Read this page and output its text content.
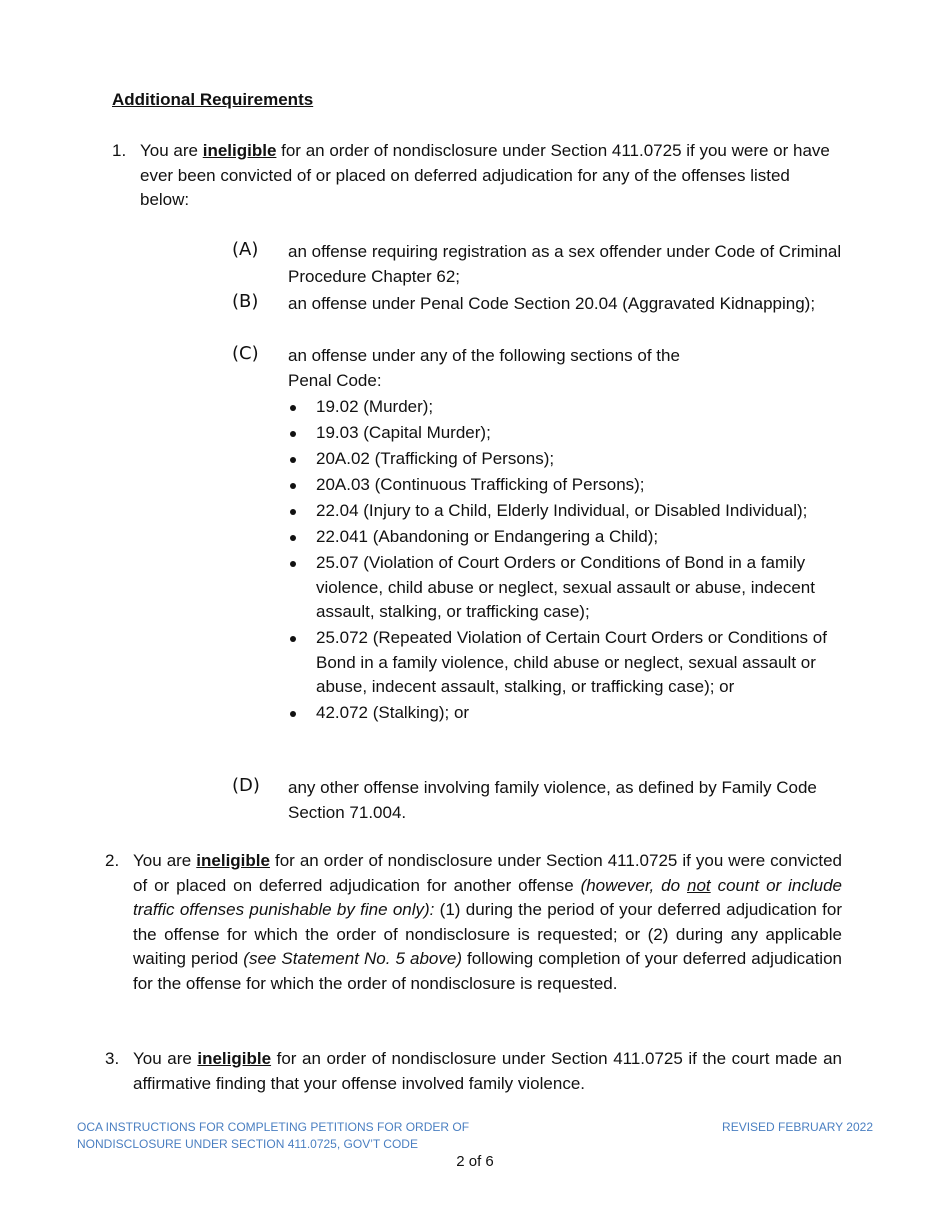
Additional Requirements
1. You are ineligible for an order of nondisclosure under Section 411.0725 if you were or have ever been convicted of or placed on deferred adjudication for any of the offenses listed below:
(A) an offense requiring registration as a sex offender under Code of Criminal Procedure Chapter 62;
(B) an offense under Penal Code Section 20.04 (Aggravated Kidnapping);
(C) an offense under any of the following sections of the
Penal Code:
19.02 (Murder);
19.03 (Capital Murder);
20A.02 (Trafficking of Persons);
20A.03 (Continuous Trafficking of Persons);
22.04 (Injury to a Child, Elderly Individual, or Disabled Individual);
22.041 (Abandoning or Endangering a Child);
25.07 (Violation of Court Orders or Conditions of Bond in a family violence, child abuse or neglect, sexual assault or abuse, indecent assault, stalking, or trafficking case);
25.072 (Repeated Violation of Certain Court Orders or Conditions of Bond in a family violence, child abuse or neglect, sexual assault or abuse, indecent assault, stalking, or trafficking case); or
42.072 (Stalking); or
(D) any other offense involving family violence, as defined by Family Code Section 71.004.
2. You are ineligible for an order of nondisclosure under Section 411.0725 if you were convicted of or placed on deferred adjudication for another offense (however, do not count or include traffic offenses punishable by fine only): (1) during the period of your deferred adjudication for the offense for which the order of nondisclosure is requested; or (2) during any applicable waiting period (see Statement No. 5 above) following completion of your deferred adjudication for the offense for which the order of nondisclosure is requested.
3. You are ineligible for an order of nondisclosure under Section 411.0725 if the court made an affirmative finding that your offense involved family violence.
OCA INSTRUCTIONS FOR COMPLETING PETITIONS FOR ORDER OF
NONDISCLOSURE UNDER SECTION 411.0725, GOV’T CODE
REVISED FEBRUARY 2022
2 of 6
